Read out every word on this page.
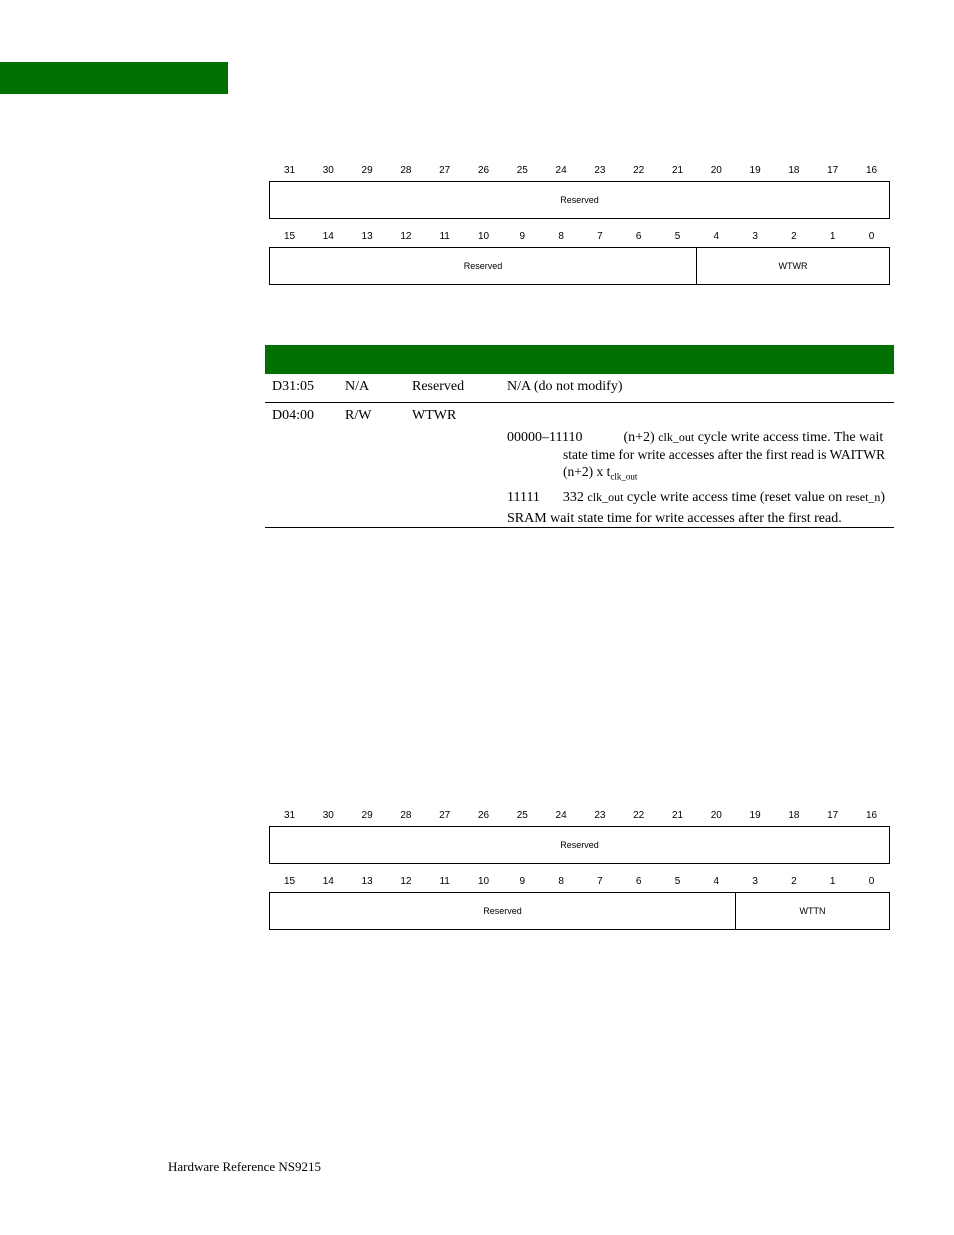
31	30	29	28	27	26	25	24	23	22	21	20	19	18	17	16
Reserved
15	14	13	12	11	10	9	8	7	6	5	4	3	2	1	0
Reserved	WTWR
D31:05 N/A	Reserved	N/A (do not modify)
D04:00 R/W	WTWR
00000–11110	(n+2) clk_out cycle write access time. The wait
state time for write accesses after the first read is WAITWR
(n+2) x $t_{clk\_out}$
11111 332 clk_out cycle write access time (reset value on reset_n)
SRAM wait state time for write accesses after the first read.
31	30	29	28	27	26	25	24	23	22	21	20	19	18	17	16
Reserved
15	14	13	12	11	10	9	8	7	6	5	4	3	2	1	0
Reserved	WTTN
Hardware Reference NS9215
